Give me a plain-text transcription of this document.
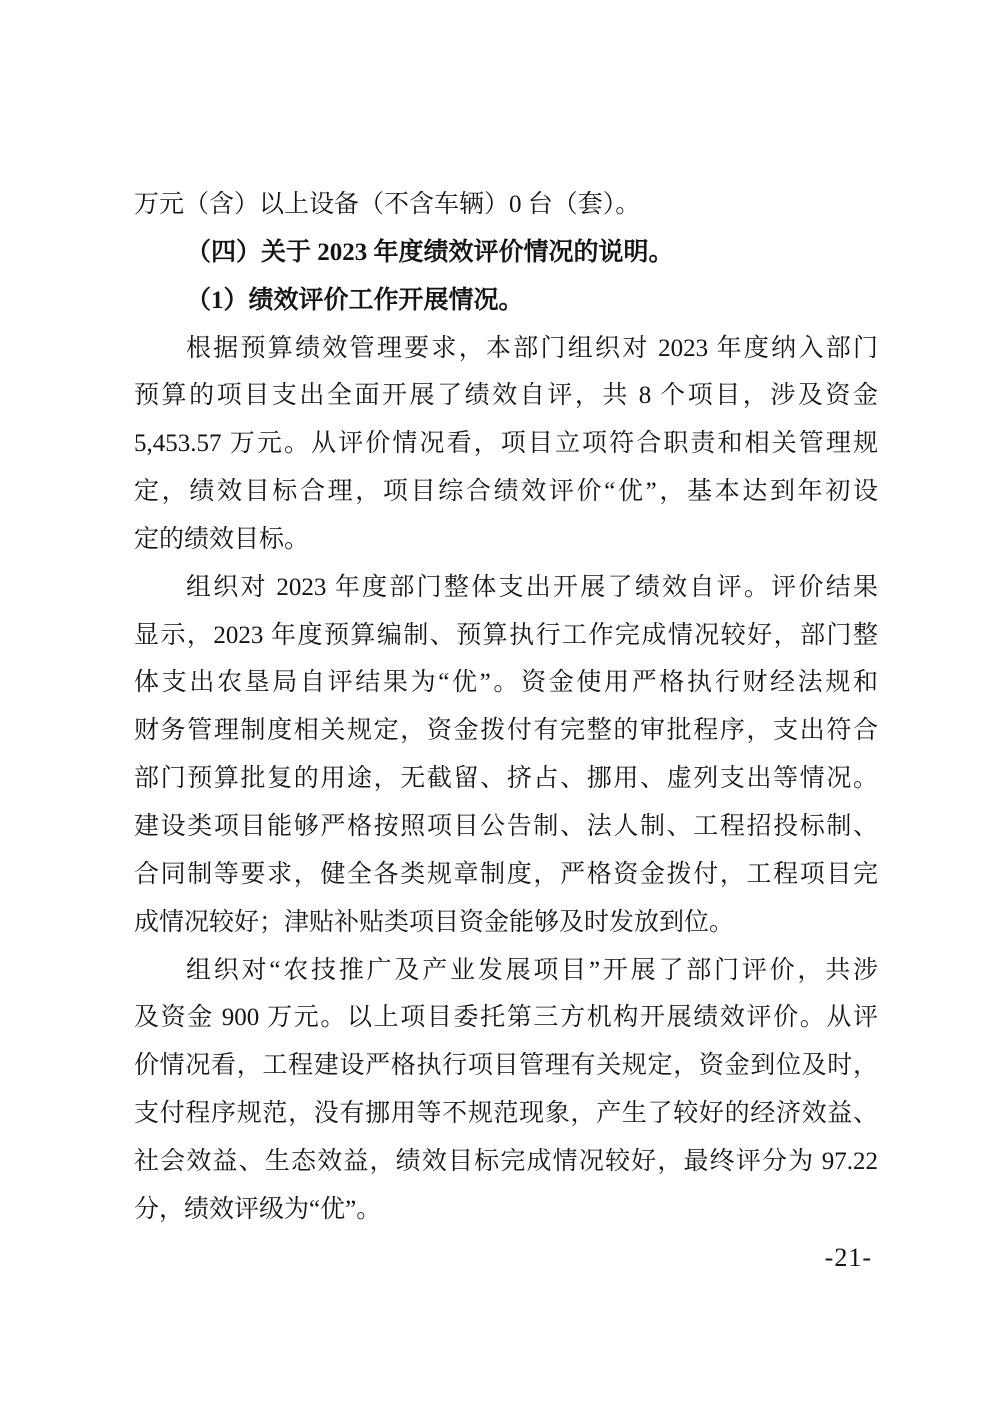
万元（含）以上设备（不含车辆）0 台（套）。
（四）关于 2023 年度绩效评价情况的说明。
（1）绩效评价工作开展情况。
根据预算绩效管理要求，本部门组织对 2023 年度纳入部门
预算的项目支出全面开展了绩效自评，共 8 个项目，涉及资金
5,453.57 万元。从评价情况看，项目立项符合职责和相关管理规
定，绩效目标合理，项目综合绩效评价“优”，基本达到年初设
定的绩效目标。
组织对 2023 年度部门整体支出开展了绩效自评。评价结果
显示，2023 年度预算编制、预算执行工作完成情况较好，部门整
体支出农垦局自评结果为“优”。资金使用严格执行财经法规和
财务管理制度相关规定，资金拨付有完整的审批程序，支出符合
部门预算批复的用途，无截留、挤占、挪用、虚列支出等情况。
建设类项目能够严格按照项目公告制、法人制、工程招投标制、
合同制等要求，健全各类规章制度，严格资金拨付，工程项目完
成情况较好；津贴补贴类项目资金能够及时发放到位。
组织对“农技推广及产业发展项目”开展了部门评价，共涉
及资金 900 万元。以上项目委托第三方机构开展绩效评价。从评
价情况看，工程建设严格执行项目管理有关规定，资金到位及时，
支付程序规范，没有挪用等不规范现象，产生了较好的经济效益、
社会效益、生态效益，绩效目标完成情况较好，最终评分为 97.22
分，绩效评级为“优”。
-21-
